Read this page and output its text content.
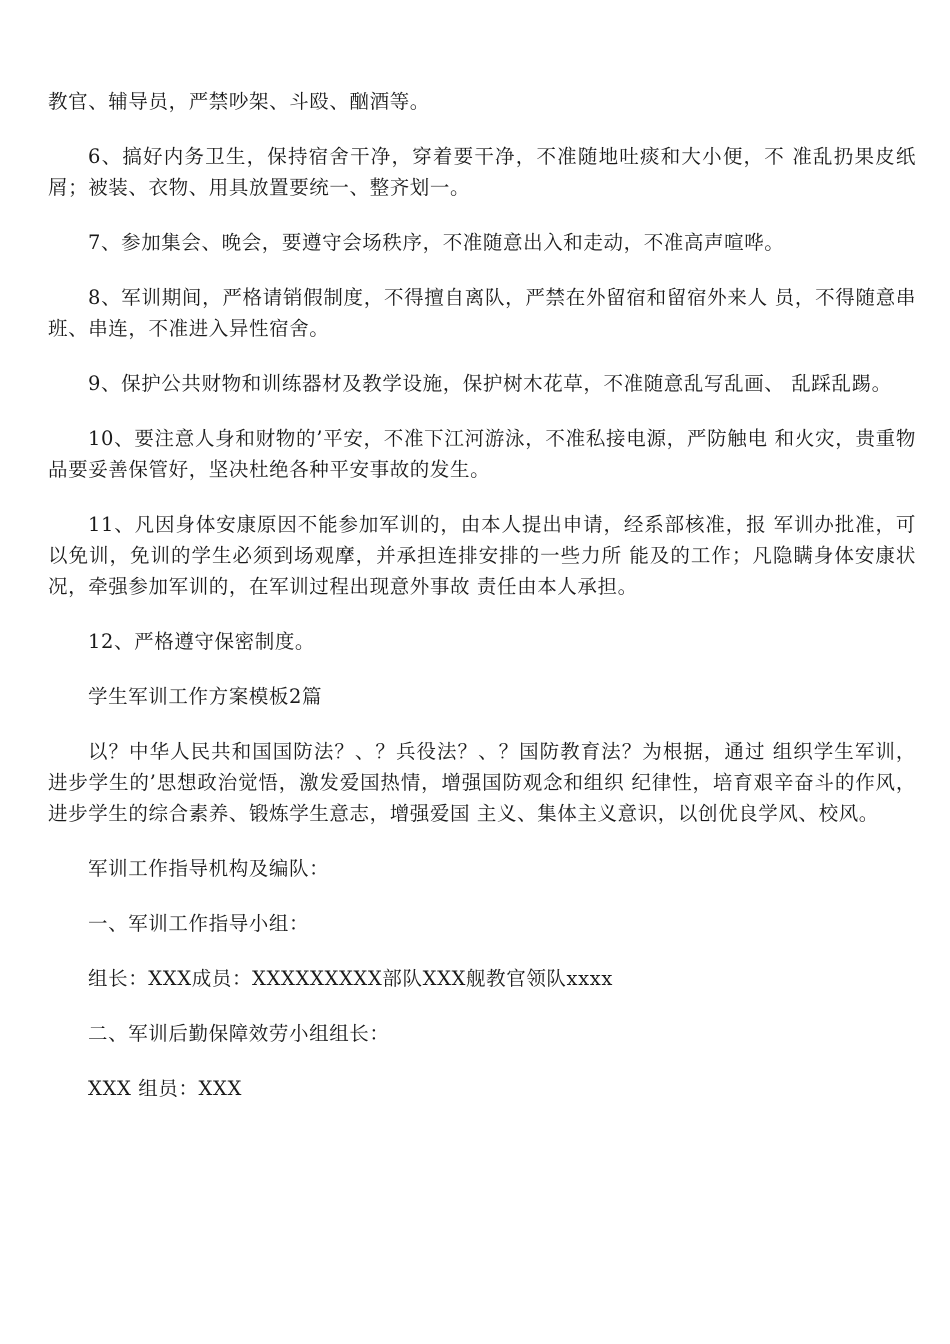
教官、辅导员，严禁吵架、斗殴、酗酒等。

6、搞好内务卫生，保持宿舍干净，穿着要干净，不准随地吐痰和大小便，不 准乱扔果皮纸屑；被装、衣物、用具放置要统一、整齐划一。

7、参加集会、晚会，要遵守会场秩序，不准随意出入和走动，不准高声喧哗。

8、军训期间，严格请销假制度，不得擅自离队，严禁在外留宿和留宿外来人 员，不得随意串班、串连，不准进入异性宿舍。

9、保护公共财物和训练器材及教学设施，保护树木花草，不准随意乱写乱画、 乱踩乱踢。

10、要注意人身和财物的’平安，不准下江河游泳，不准私接电源，严防触电 和火灾，贵重物品要妥善保管好，坚决杜绝各种平安事故的发生。

11、凡因身体安康原因不能参加军训的，由本人提出申请，经系部核准，报 军训办批准，可以免训，免训的学生必须到场观摩，并承担连排安排的一些力所 能及的工作；凡隐瞒身体安康状况，牵强参加军训的，在军训过程出现意外事故 责任由本人承担。

12、严格遵守保密制度。

学生军训工作方案模板2篇

以？中华人民共和国国防法？、？兵役法？、？国防教育法？为根据，通过 组织学生军训，进步学生的’思想政治觉悟，激发爱国热情，增强国防观念和组织 纪律性，培育艰辛奋斗的作风，进步学生的综合素养、锻炼学生意志，增强爱国 主义、集体主义意识，以创优良学风、校风。

军训工作指导机构及编队：

一、军训工作指导小组：

组长：XXX成员：XXXXXXXXX部队XXX舰教官领队xxxx

二、军训后勤保障效劳小组组长：

XXX 组员：XXX
